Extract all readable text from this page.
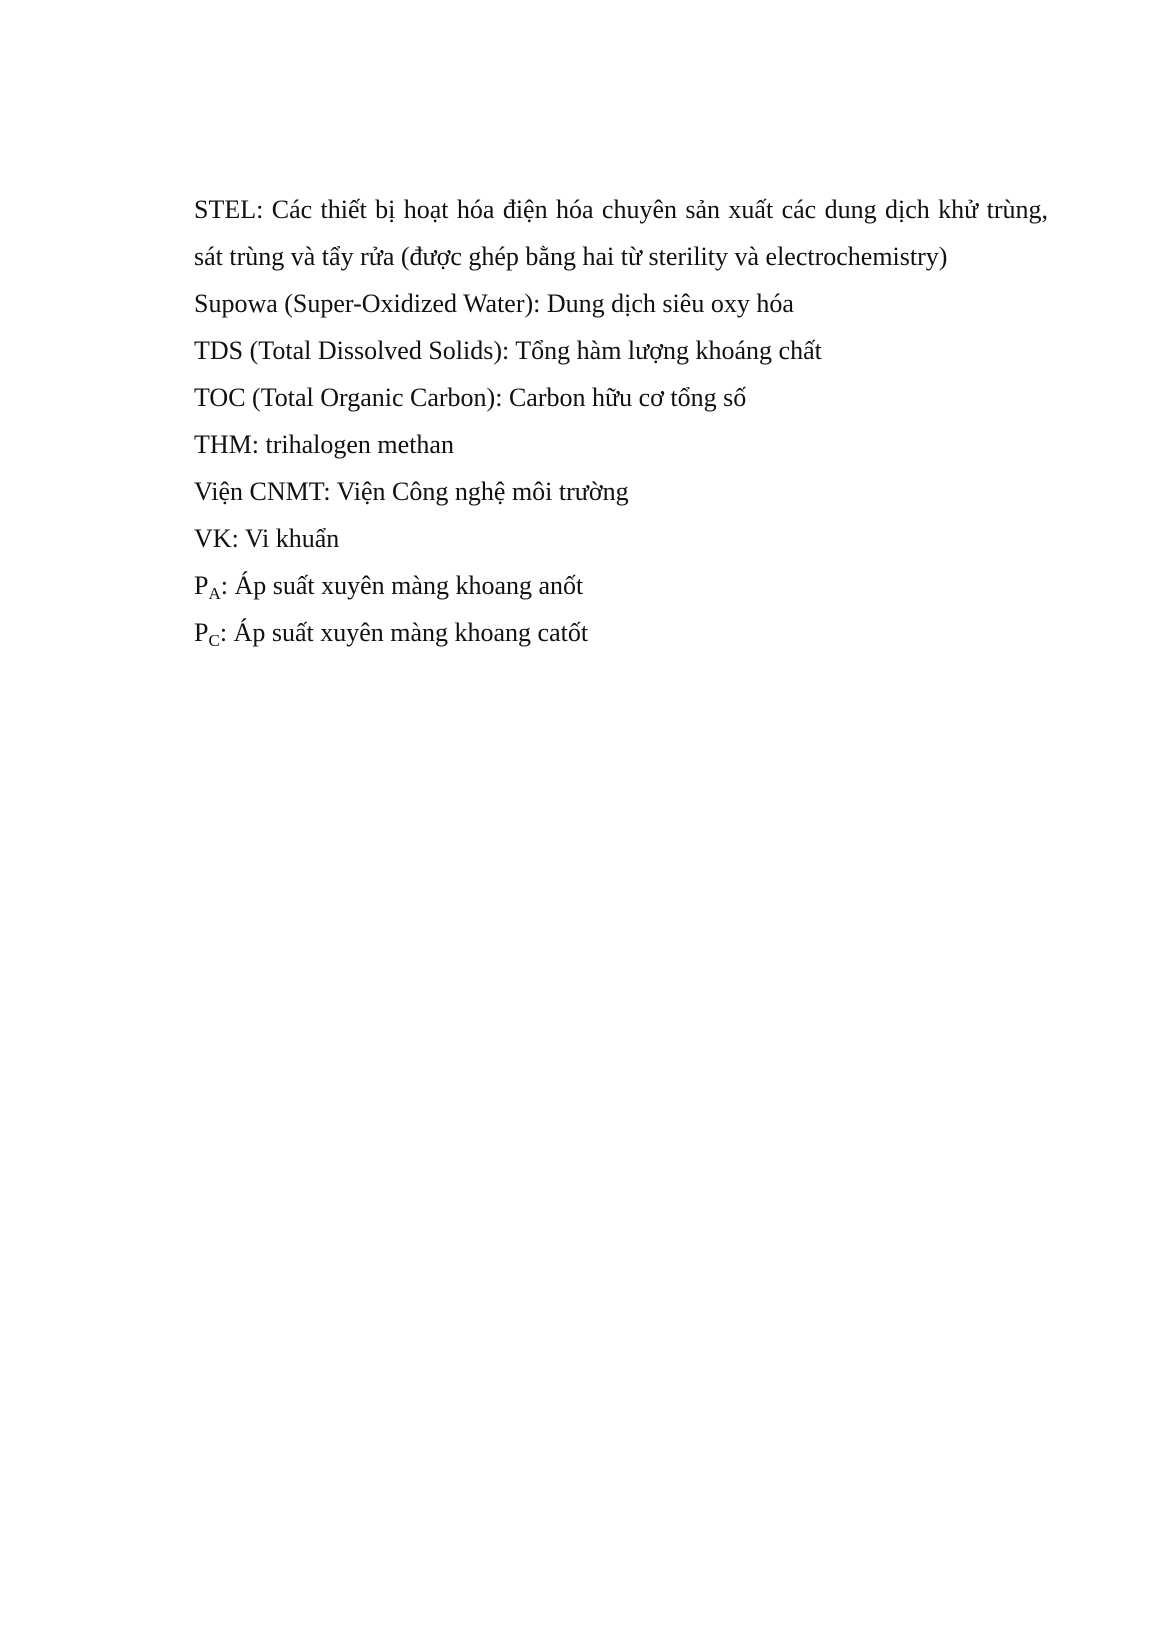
STEL: Các thiết bị hoạt hóa điện hóa chuyên sản xuất các dung dịch khử trùng, sát trùng và tẩy rửa (được ghép bằng hai từ sterility và electrochemistry)

Supowa (Super-Oxidized Water): Dung dịch siêu oxy hóa

TDS (Total Dissolved Solids): Tổng hàm lượng khoáng chất

TOC (Total Organic Carbon): Carbon hữu cơ tổng số

THM: trihalogen methan

Viện CNMT: Viện Công nghệ môi trường

VK: Vi khuẩn

$P_A$: Áp suất xuyên màng khoang anốt

$P_C$: Áp suất xuyên màng khoang catốt
